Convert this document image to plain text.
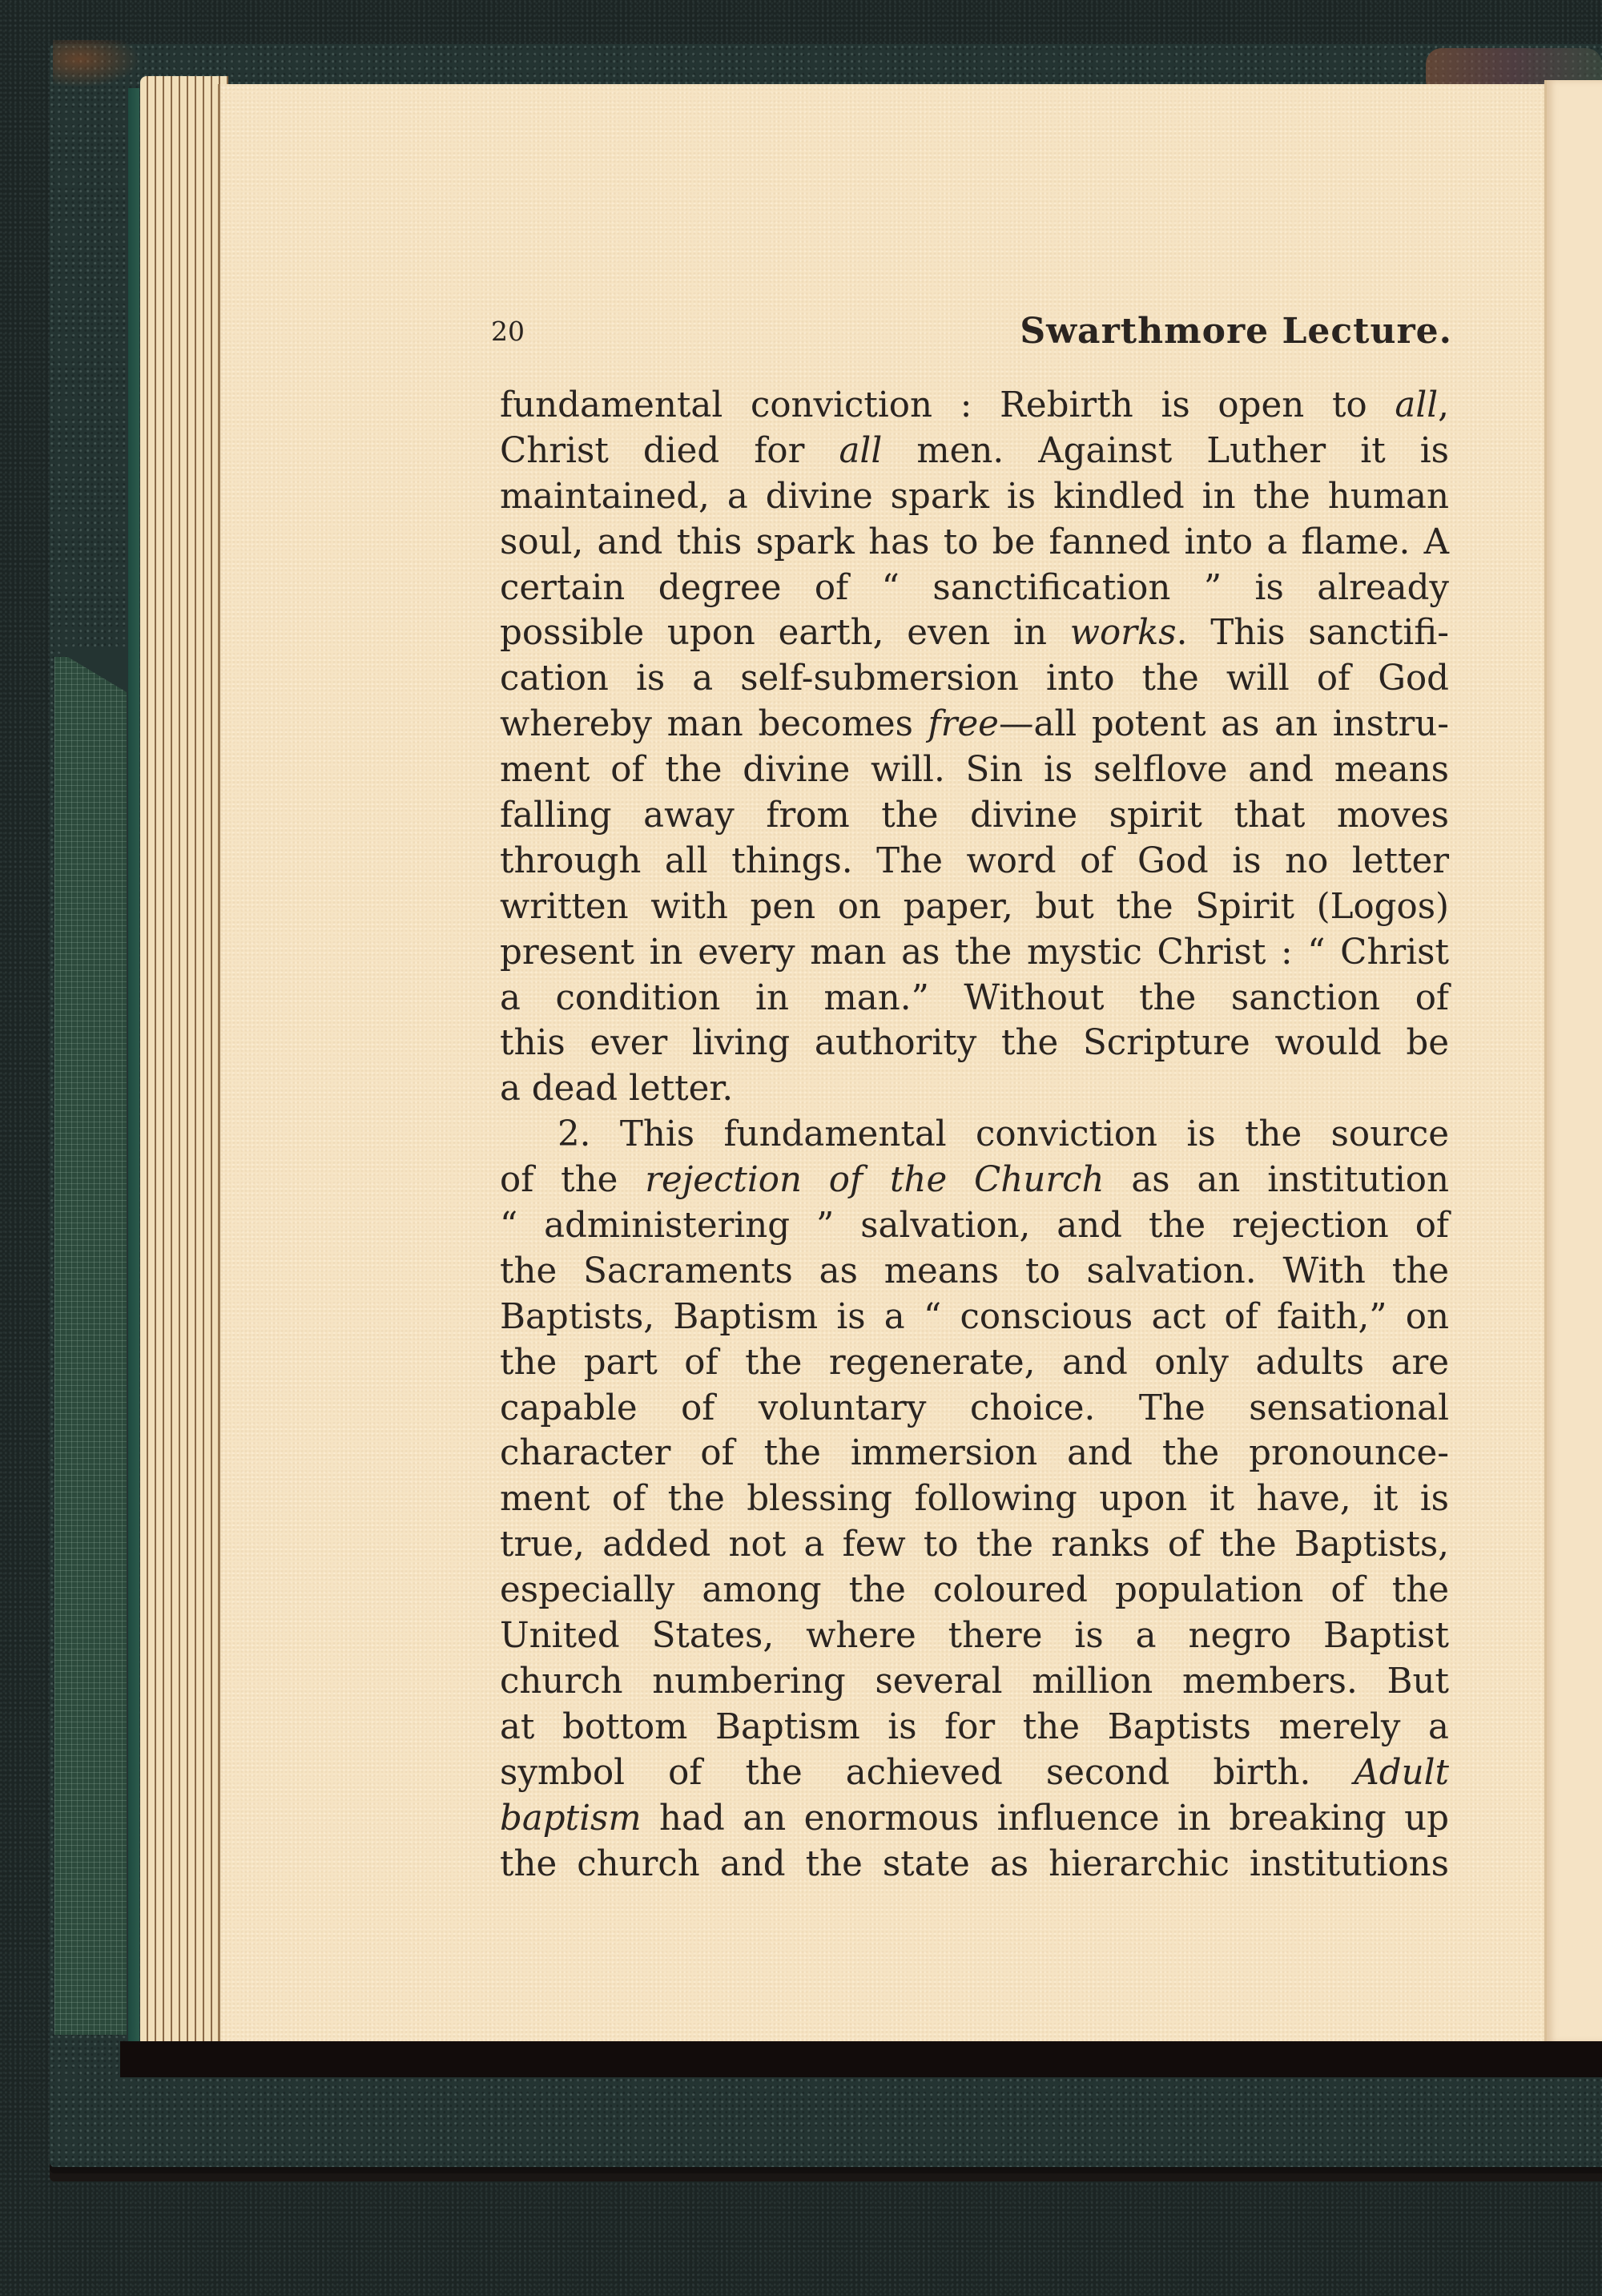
20	Swarthmore Lecture.
fundamental conviction : Rebirth is open to all,
Christ died for all men. Against Luther it is
maintained, a divine spark is kindled in the human
soul, and this spark has to be fanned into a flame. A
certain degree of “ sanctification ” is already
possible upon earth, even in works. This sanctifi-
cation is a self-submersion into the will of God
whereby man becomes free—all potent as an instru-
ment of the divine will. Sin is selflove and means
falling away from the divine spirit that moves
through all things. The word of God is no letter
written with pen on paper, but the Spirit (Logos)
present in every man as the mystic Christ : “ Christ
a condition in man.” Without the sanction of
this ever living authority the Scripture would be
a dead letter.
2. This fundamental conviction is the source
of the rejection of the Church as an institution
“ administering ” salvation, and the rejection of
the Sacraments as means to salvation. With the
Baptists, Baptism is a “ conscious act of faith,” on
the part of the regenerate, and only adults are
capable of voluntary choice. The sensational
character of the immersion and the pronounce-
ment of the blessing following upon it have, it is
true, added not a few to the ranks of the Baptists,
especially among the coloured population of the
United States, where there is a negro Baptist
church numbering several million members. But
at bottom Baptism is for the Baptists merely a
symbol of the achieved second birth. Adult
baptism had an enormous influence in breaking up
the church and the state as hierarchic institutions
